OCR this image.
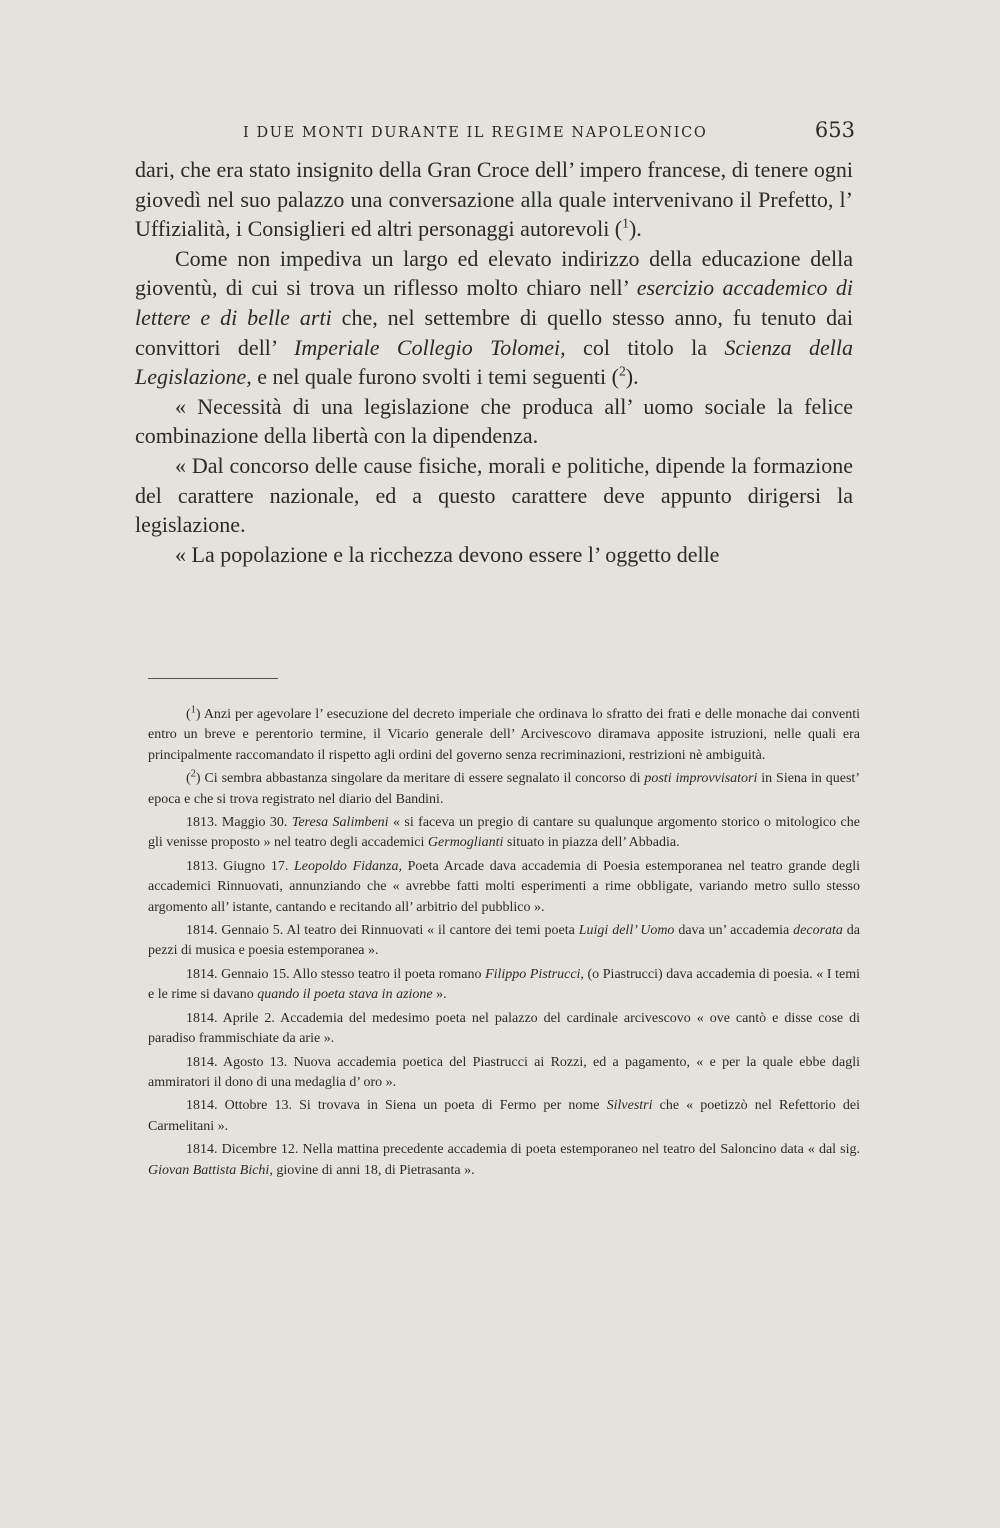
I DUE MONTI DURANTE IL REGIME NAPOLEONICO	653

dari, che era stato insignito della Gran Croce dell’ impero francese, di tenere ogni giovedì nel suo palazzo una conversazione alla quale intervenivano il Prefetto, l’ Uffizialità, i Consiglieri ed altri personaggi autorevoli ($^1$).

Come non impediva un largo ed elevato indirizzo della educazione della gioventù, di cui si trova un riflesso molto chiaro nell’ esercizio accademico di lettere e di belle arti che, nel settembre di quello stesso anno, fu tenuto dai convittori dell’ Imperiale Collegio Tolomei, col titolo la Scienza della Legislazione, e nel quale furono svolti i temi seguenti ($^2$).

« Necessità di una legislazione che produca all’ uomo sociale la felice combinazione della libertà con la dipendenza.

« Dal concorso delle cause fisiche, morali e politiche, dipende la formazione del carattere nazionale, ed a questo carattere deve appunto dirigersi la legislazione.

« La popolazione e la ricchezza devono essere l’ oggetto delle

($^1$) Anzi per agevolare l’ esecuzione del decreto imperiale che ordinava lo sfratto dei frati e delle monache dai conventi entro un breve e perentorio termine, il Vicario generale dell’ Arcivescovo diramava apposite istruzioni, nelle quali era principalmente raccomandato il rispetto agli ordini del governo senza recriminazioni, restrizioni nè ambiguità.

($^2$) Ci sembra abbastanza singolare da meritare di essere segnalato il concorso di posti improvvisatori in Siena in quest’ epoca e che si trova registrato nel diario del Bandini.

1813. Maggio 30. Teresa Salimbeni « si faceva un pregio di cantare su qualunque argomento storico o mitologico che gli venisse proposto » nel teatro degli accademici Germoglianti situato in piazza dell’ Abbadia.

1813. Giugno 17. Leopoldo Fidanza, Poeta Arcade dava accademia di Poesia estemporanea nel teatro grande degli accademici Rinnuovati, annunziando che « avrebbe fatti molti esperimenti a rime obbligate, variando metro sullo stesso argomento all’ istante, cantando e recitando all’ arbitrio del pubblico ».

1814. Gennaio 5. Al teatro dei Rinnuovati « il cantore dei temi poeta Luigi dell’ Uomo dava un’ accademia decorata da pezzi di musica e poesia estemporanea ».

1814. Gennaio 15. Allo stesso teatro il poeta romano Filippo Pistrucci, (o Piastrucci) dava accademia di poesia. « I temi e le rime si davano quando il poeta stava in azione ».

1814. Aprile 2. Accademia del medesimo poeta nel palazzo del cardinale arcivescovo « ove cantò e disse cose di paradiso frammischiate da arie ».

1814. Agosto 13. Nuova accademia poetica del Piastrucci ai Rozzi, ed a pagamento, « e per la quale ebbe dagli ammiratori il dono di una medaglia d’ oro ».

1814. Ottobre 13. Si trovava in Siena un poeta di Fermo per nome Silvestri che « poetizzò nel Refettorio dei Carmelitani ».

1814. Dicembre 12. Nella mattina precedente accademia di poeta estemporaneo nel teatro del Saloncino data « dal sig. Giovan Battista Bichi, giovine di anni 18, di Pietrasanta ».
